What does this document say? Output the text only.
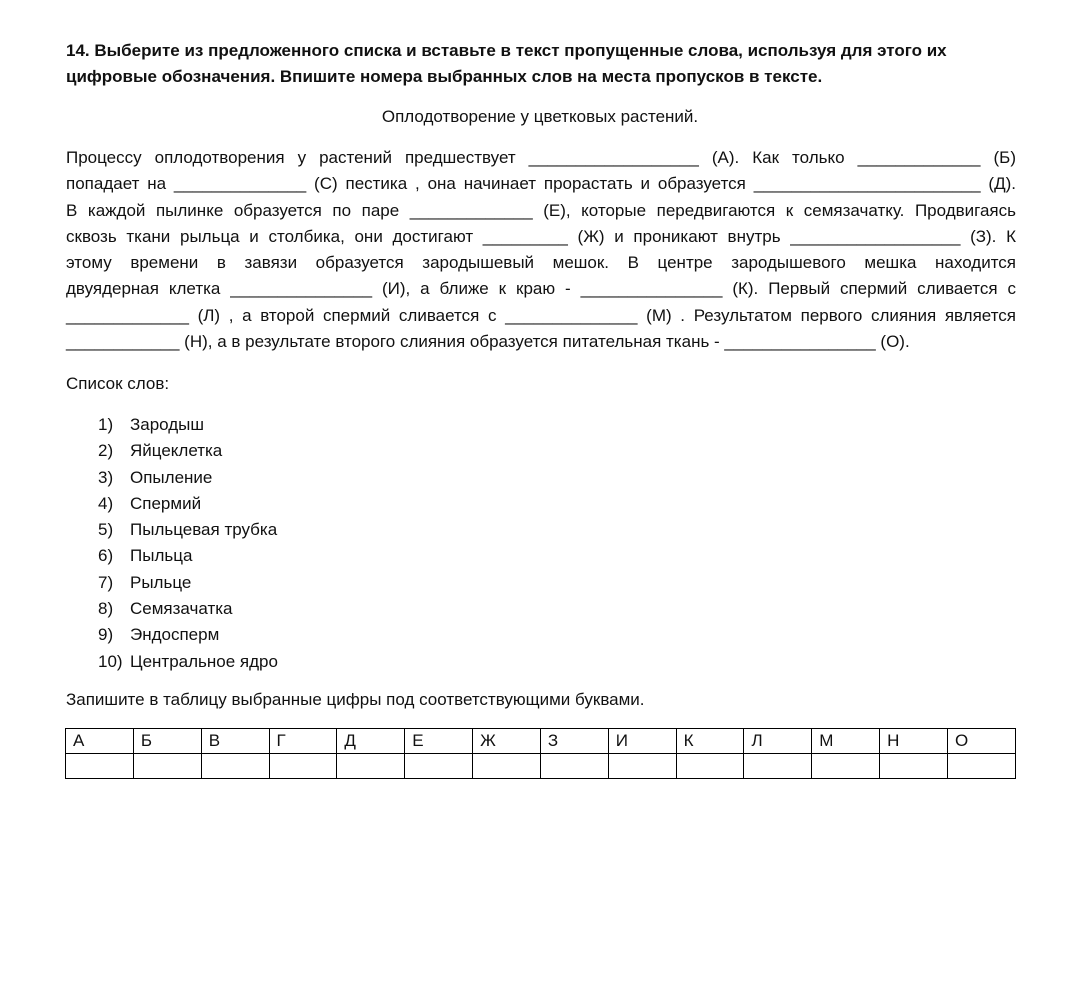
14. Выберите из предложенного списка и вставьте в текст пропущенные слова, используя для этого их
цифровые обозначения. Впишите номера выбранных слов на места пропусков в тексте.
Оплодотворение у цветковых растений.
Процессу оплодотворения у растений предшествует __________________ (А). Как только _____________ (Б)
попадает на ______________ (С) пестика , она начинает прорастать и образуется ________________________ (Д).
В каждой пылинке образуется по паре _____________ (Е), которые передвигаются к семязачатку. Продвигаясь
сквозь ткани рыльца и столбика, они достигают _________ (Ж) и проникают внутрь __________________ (З). К
этому времени в завязи образуется зародышевый мешок. В центре зародышевого мешка находится
двуядерная клетка _______________ (И), а ближе к краю - _______________ (К). Первый спермий сливается с
_____________ (Л) , а второй спермий сливается с ______________ (М) . Результатом первого слияния является
____________ (Н), а в результате второго слияния образуется питательная ткань - ________________ (О).
Список слов:
1) Зародыш
2) Яйцеклетка
3) Опыление
4) Спермий
5) Пыльцевая трубка
6) Пыльца
7) Рыльце
8) Семязачатка
9) Эндосперм
10) Центральное ядро
Запишите в таблицу выбранные цифры под соответствующими буквами.
А	Б	В	Г	Д	Е	Ж	З	И	К	Л	М	Н	О
